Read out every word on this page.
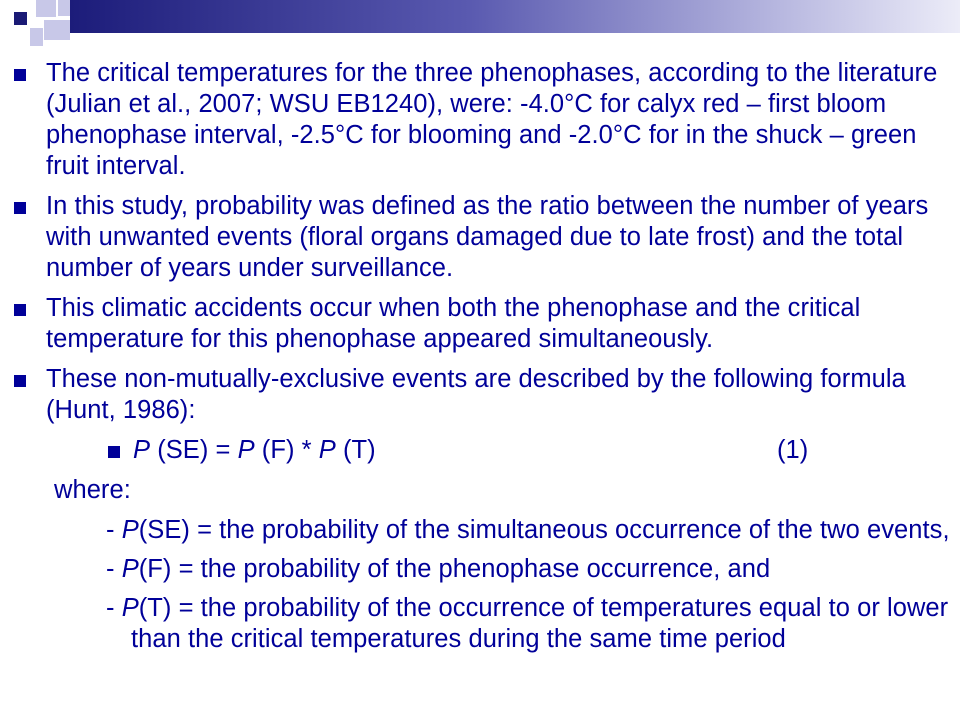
The critical temperatures for the three phenophases, according to the literature (Julian et al., 2007; WSU EB1240), were: -4.0°C for calyx red – first bloom phenophase interval, -2.5°C for blooming and -2.0°C for in the shuck – green fruit interval.
In this study, probability was defined as the ratio between the number of years with unwanted events (floral organs damaged due to late frost) and the total number of years under surveillance.
This climatic accidents occur when both the phenophase and the critical temperature for this phenophase appeared simultaneously.
These non-mutually-exclusive events are described by the following formula (Hunt, 1986):
P (SE) = P (F) * P (T)	(1)
where:
- P(SE) = the probability of the simultaneous occurrence of the two events,
- P(F) = the probability of the phenophase occurrence, and
- P(T) = the probability of the occurrence of temperatures equal to or lower than the critical temperatures during the same time period
